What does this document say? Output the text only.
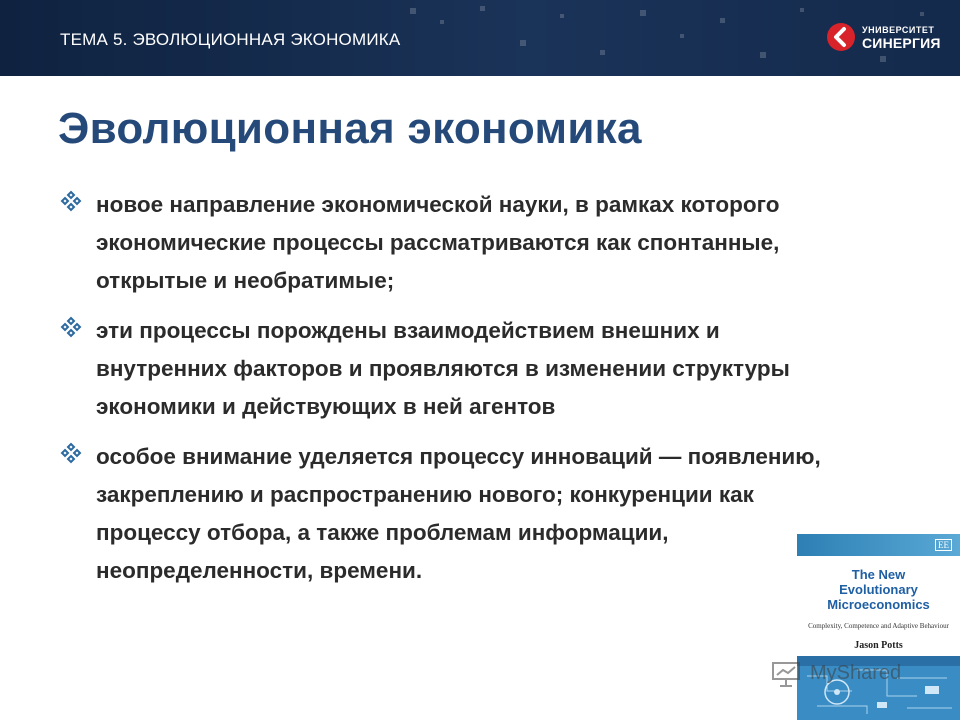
ТЕМА 5. ЭВОЛЮЦИОННАЯ ЭКОНОМИКА	УНИВЕРСИТЕТ
СИНЕРГИЯ
Эволюционная экономика
новое направление экономической науки, в рамках которого экономические процессы рассматриваются как спонтанные, открытые и необратимые;
эти процессы порождены взаимодействием внешних и внутренних факторов и проявляются в изменении структуры экономики и действующих в ней агентов
особое внимание уделяется процессу инноваций — появлению, закреплению и распространению нового; конкуренции как процессу отбора, а также проблемам информации, неопределенности, времени.
EE
The New
Evolutionary
Microeconomics
Complexity, Competence and Adaptive Behaviour
Jason Potts
MyShared
